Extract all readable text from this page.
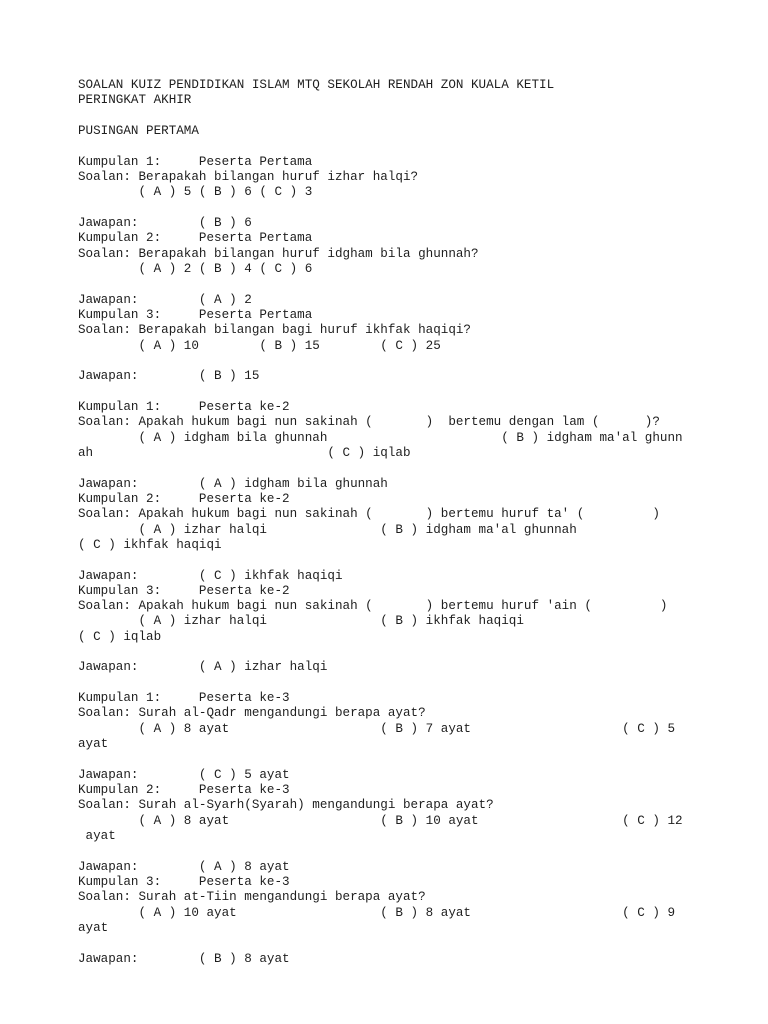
SOALAN KUIZ PENDIDIKAN ISLAM MTQ SEKOLAH RENDAH ZON KUALA KETIL
PERINGKAT AKHIR
PUSINGAN PERTAMA
Kumpulan 1:     Peserta Pertama
Soalan: Berapakah bilangan huruf izhar halqi?
( A ) 5 ( B ) 6 ( C ) 3
Jawapan:        ( B ) 6
Kumpulan 2:     Peserta Pertama
Soalan: Berapakah bilangan huruf idgham bila ghunnah?
( A ) 2 ( B ) 4 ( C ) 6
Jawapan:        ( A ) 2
Kumpulan 3:     Peserta Pertama
Soalan: Berapakah bilangan bagi huruf ikhfak haqiqi?
( A ) 10        ( B ) 15        ( C ) 25
Jawapan:        ( B ) 15
Kumpulan 1:     Peserta ke-2
Soalan: Apakah hukum bagi nun sakinah (       )  bertemu dengan lam (      )?
( A ) idgham bila ghunnah                       ( B ) idgham ma'al ghunn
ah                               ( C ) iqlab
Jawapan:        ( A ) idgham bila ghunnah
Kumpulan 2:     Peserta ke-2
Soalan: Apakah hukum bagi nun sakinah (       ) bertemu huruf ta' (         )
( A ) izhar halqi               ( B ) idgham ma'al ghunnah
( C ) ikhfak haqiqi
Jawapan:        ( C ) ikhfak haqiqi
Kumpulan 3:     Peserta ke-2
Soalan: Apakah hukum bagi nun sakinah (       ) bertemu huruf 'ain (         )
( A ) izhar halqi               ( B ) ikhfak haqiqi
( C ) iqlab
Jawapan:        ( A ) izhar halqi
Kumpulan 1:     Peserta ke-3
Soalan: Surah al-Qadr mengandungi berapa ayat?
( A ) 8 ayat                    ( B ) 7 ayat                    ( C ) 5
ayat
Jawapan:        ( C ) 5 ayat
Kumpulan 2:     Peserta ke-3
Soalan: Surah al-Syarh(Syarah) mengandungi berapa ayat?
( A ) 8 ayat                    ( B ) 10 ayat                   ( C ) 12
ayat
Jawapan:        ( A ) 8 ayat
Kumpulan 3:     Peserta ke-3
Soalan: Surah at-Tiin mengandungi berapa ayat?
( A ) 10 ayat                   ( B ) 8 ayat                    ( C ) 9
ayat
Jawapan:        ( B ) 8 ayat
